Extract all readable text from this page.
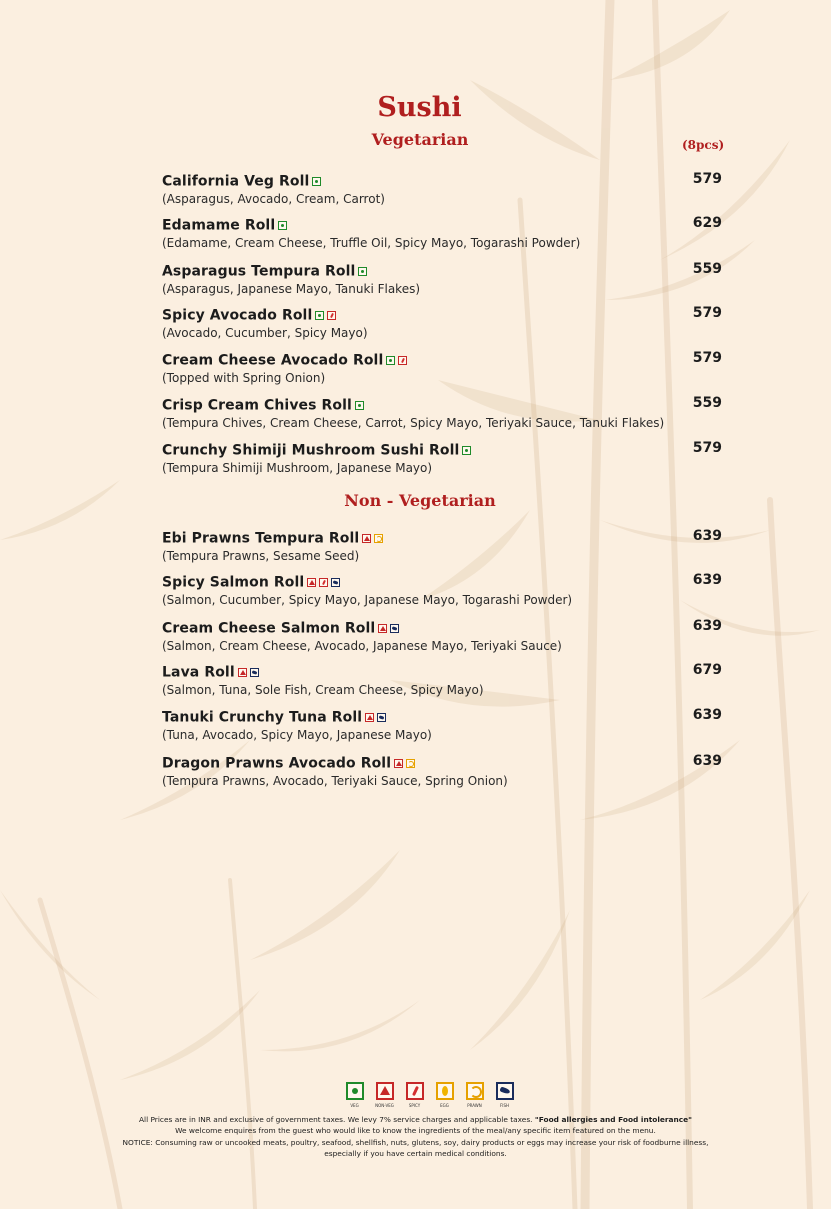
Sushi
Vegetarian	(8pcs)
California Veg Roll	579
(Asparagus, Avocado, Cream, Carrot)
Edamame Roll	629
(Edamame, Cream Cheese, Truffle Oil, Spicy Mayo, Togarashi Powder)
Asparagus Tempura Roll	559
(Asparagus, Japanese Mayo, Tanuki Flakes)
Spicy Avocado Roll	579
(Avocado, Cucumber, Spicy Mayo)
Cream Cheese Avocado Roll	579
(Topped with Spring Onion)
Crisp Cream Chives Roll	559
(Tempura Chives, Cream Cheese, Carrot, Spicy Mayo, Teriyaki Sauce, Tanuki Flakes)
Crunchy Shimiji Mushroom Sushi Roll	579
(Tempura Shimiji Mushroom, Japanese Mayo)
Non - Vegetarian
Ebi Prawns Tempura Roll	639
(Tempura Prawns, Sesame Seed)
Spicy Salmon Roll	639
(Salmon, Cucumber, Spicy Mayo, Japanese Mayo, Togarashi Powder)
Cream Cheese Salmon Roll	639
(Salmon, Cream Cheese, Avocado, Japanese Mayo, Teriyaki Sauce)
Lava Roll	679
(Salmon, Tuna, Sole Fish, Cream Cheese, Spicy Mayo)
Tanuki Crunchy Tuna Roll	639
(Tuna, Avocado, Spicy Mayo, Japanese Mayo)
Dragon Prawns Avocado Roll	639
(Tempura Prawns, Avocado, Teriyaki Sauce, Spring Onion)
VEG	NON-VEG	SPICY	EGG	PRAWN	FISH
All Prices are in INR and exclusive of government taxes. We levy 7% service charges and applicable taxes. "Food allergies and Food intolerance"
We welcome enquires from the guest who would like to know the ingredients of the meal/any specific item featured on the menu.
NOTICE: Consuming raw or uncooked meats, poultry, seafood, shellfish, nuts, glutens, soy, dairy products or eggs may increase your risk of foodburne illness,
especially if you have certain medical conditions.
